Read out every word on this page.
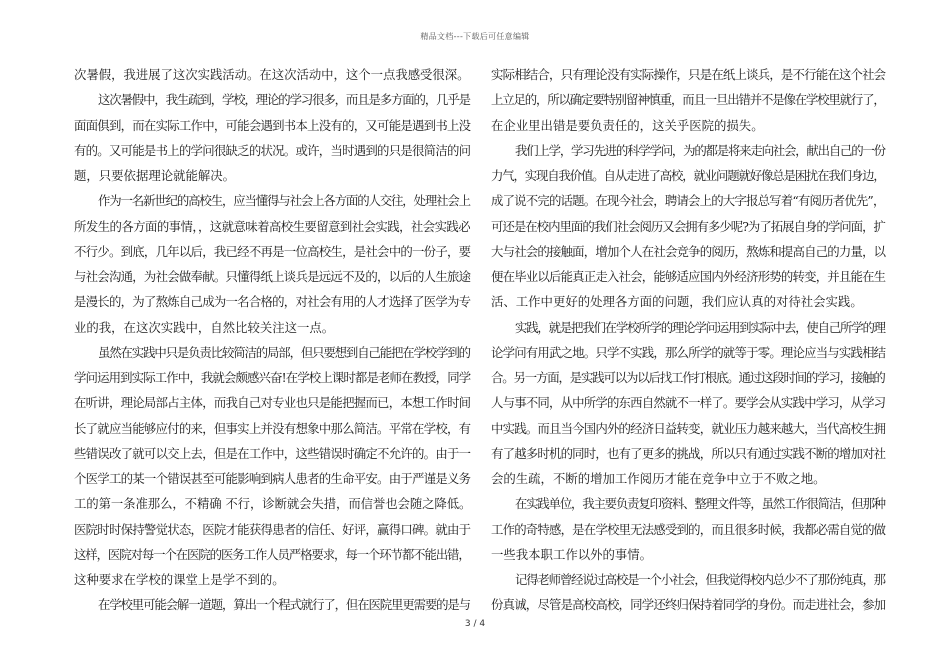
精品文档---下载后可任意编辑

次暑假，我进展了这次实践活动。在这次活动中，这个一点我感受很深。

这次暑假中，我生疏到，学校，理论的学习很多，而且是多方面的，几乎是

面面俱到，而在实际工作中，可能会遇到书本上没有的，又可能是遇到书上没

有的。又可能是书上的学问很缺乏的状况。或许，当时遇到的只是很简洁的问

题，只要依据理论就能解决。

作为一名新世纪的高校生，应当懂得与社会上各方面的人交往，处理社会上

所发生的各方面的事情，，这就意味着高校生要留意到社会实践，社会实践必

不行少。到底，几年以后，我已经不再是一位高校生，是社会中的一份子，要

与社会沟通，为社会做奉献。只懂得纸上谈兵是远远不及的，以后的人生旅途

是漫长的，为了熬炼自己成为一名合格的，对社会有用的人才选择了医学为专

业的我，在这次实践中，自然比较关注这一点。

虽然在实践中只是负责比较简洁的局部，但只要想到自己能把在学校学到的

学问运用到实际工作中，我就会颇感兴奋!在学校上课时都是老师在教授，同学

在听讲，理论局部占主体，而我自己对专业也只是能把握而已，本想工作时间

长了就应当能够应付的来，但事实上并没有想象中那么简洁。平常在学校，有

些错误改了就可以交上去，但是在工作中，这些错误时确定不允许的。由于一

个医学工的某一个错误甚至可能影响到病人患者的生命平安。由于严谨是义务

工的第一条准那么，不精确 不行，诊断就会失措，而信誉也会随之降低。

医院时时保持警觉状态，医院才能获得患者的信任、好评，赢得口碑。就由于

这样，医院对每一个在医院的医务工作人员严格要求，每一个环节都不能出错，

这种要求在学校的课堂上是学不到的。

在学校里可能会解一道题，算出一个程式就行了，但在医院里更需要的是与

实际相结合，只有理论没有实际操作，只是在纸上谈兵，是不行能在这个社会

上立足的，所以确定要特别留神慎重，而且一旦出错并不是像在学校里就行了，

在企业里出错是要负责任的，这关乎医院的损失。

我们上学，学习先进的科学学问，为的都是将来走向社会，献出自己的一份

力气，实现自我价值。自从走进了高校，就业问题就好像总是困扰在我们身边，

成了说不完的话题。在现今社会，聘请会上的大字报总写着“有阅历者优先”，

可还是在校内里面的我们社会阅历又会拥有多少呢?为了拓展自身的学问面，扩

大与社会的接触面，增加个人在社会竞争的阅历，熬炼和提高自己的力量，以

便在毕业以后能真正走入社会，能够适应国内外经济形势的转变，并且能在生

活、工作中更好的处理各方面的问题，我们应认真的对待社会实践。

实践，就是把我们在学校所学的理论学问运用到实际中去，使自己所学的理

论学问有用武之地。只学不实践，那么所学的就等于零。理论应当与实践相结

合。另一方面，是实践可以为以后找工作打根底。通过这段时间的学习，接触的

人与事不同，从中所学的东西自然就不一样了。要学会从实践中学习，从学习

中实践。而且当今国内外的经济日益转变，就业压力越来越大，当代高校生拥

有了越多时机的同时，也有了更多的挑战，所以只有通过实践不断的增加对社

会的生疏，不断的增加工作阅历才能在竞争中立于不败之地。

在实践单位，我主要负责复印资料、整理文件等，虽然工作很简洁，但那种

工作的奇特感，是在学校里无法感受到的，而且很多时候，我都必需自觉的做

一些我本职工作以外的事情。

记得老师曾经说过高校是一个小社会，但我觉得校内总少不了那份纯真，那

份真诚，尽管是高校高校，同学还终归保持着同学的身份。而走进社会，参加

3 / 4
